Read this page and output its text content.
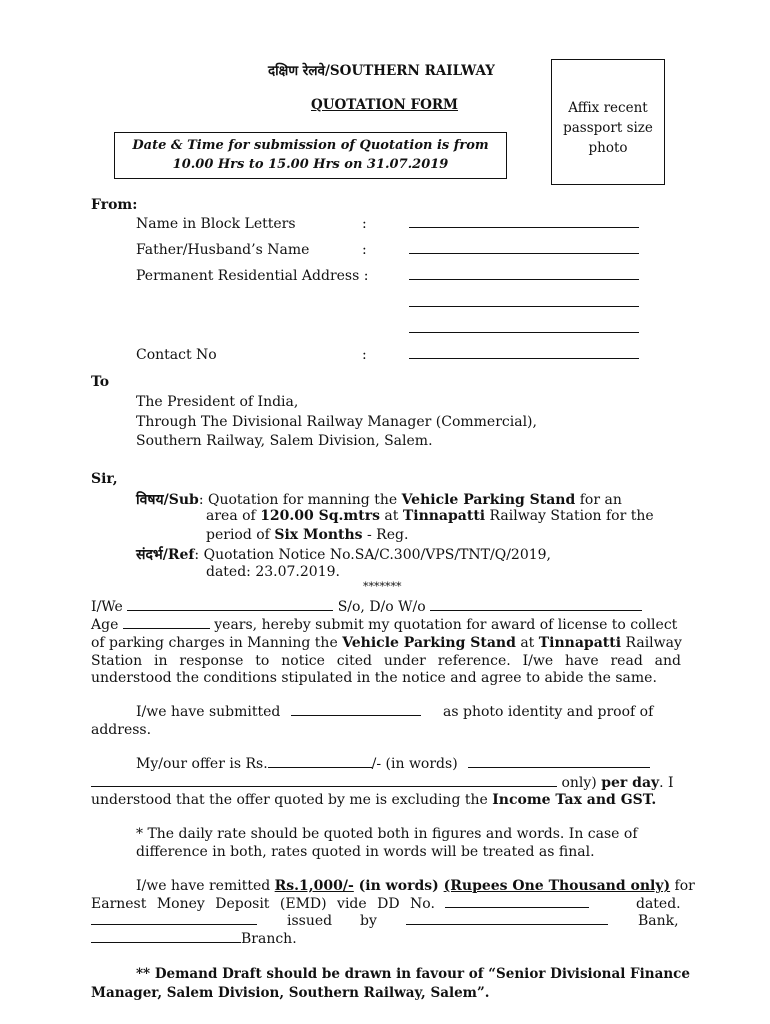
दक्षिण रेलवे/SOUTHERN RAILWAY
QUOTATION FORM
Date & Time for submission of Quotation is from
10.00 Hrs to 15.00 Hrs on 31.07.2019
Affix recent
passport size
photo
From:
Name in Block Letters	:
Father/Husband’s Name	:
Permanent Residential Address :
Contact No	:
To
The President of India,
Through The Divisional Railway Manager (Commercial),
Southern Railway, Salem Division, Salem.
Sir,
विषय/Sub: Quotation for manning the Vehicle Parking Stand for an
area of 120.00 Sq.mtrs at Tinnapatti Railway Station for the
period of Six Months - Reg.
संदर्भ/Ref: Quotation Notice No.SA/C.300/VPS/TNT/Q/2019,
dated: 23.07.2019.
*******
I/We	S/o, D/o W/o
Age	years, hereby submit my quotation for award of license to collect
of parking charges in Manning the Vehicle Parking Stand at Tinnapatti Railway
Station in response to notice cited under reference. I/we have read and
understood the conditions stipulated in the notice and agree to abide the same.
I/we have submitted	as photo identity and proof of
address.
My/our offer is Rs.	/- (in words)
only) per day. I
understood that the offer quoted by me is excluding the Income Tax and GST.
* The daily rate should be quoted both in figures and words. In case of
difference in both, rates quoted in words will be treated as final.
I/we have remitted Rs.1,000/- (in words) (Rupees One Thousand only) for
Earnest Money Deposit (EMD) vide DD No.	dated.
issued by	Bank,
Branch.
** Demand Draft should be drawn in favour of “Senior Divisional Finance
Manager, Salem Division, Southern Railway, Salem”.
